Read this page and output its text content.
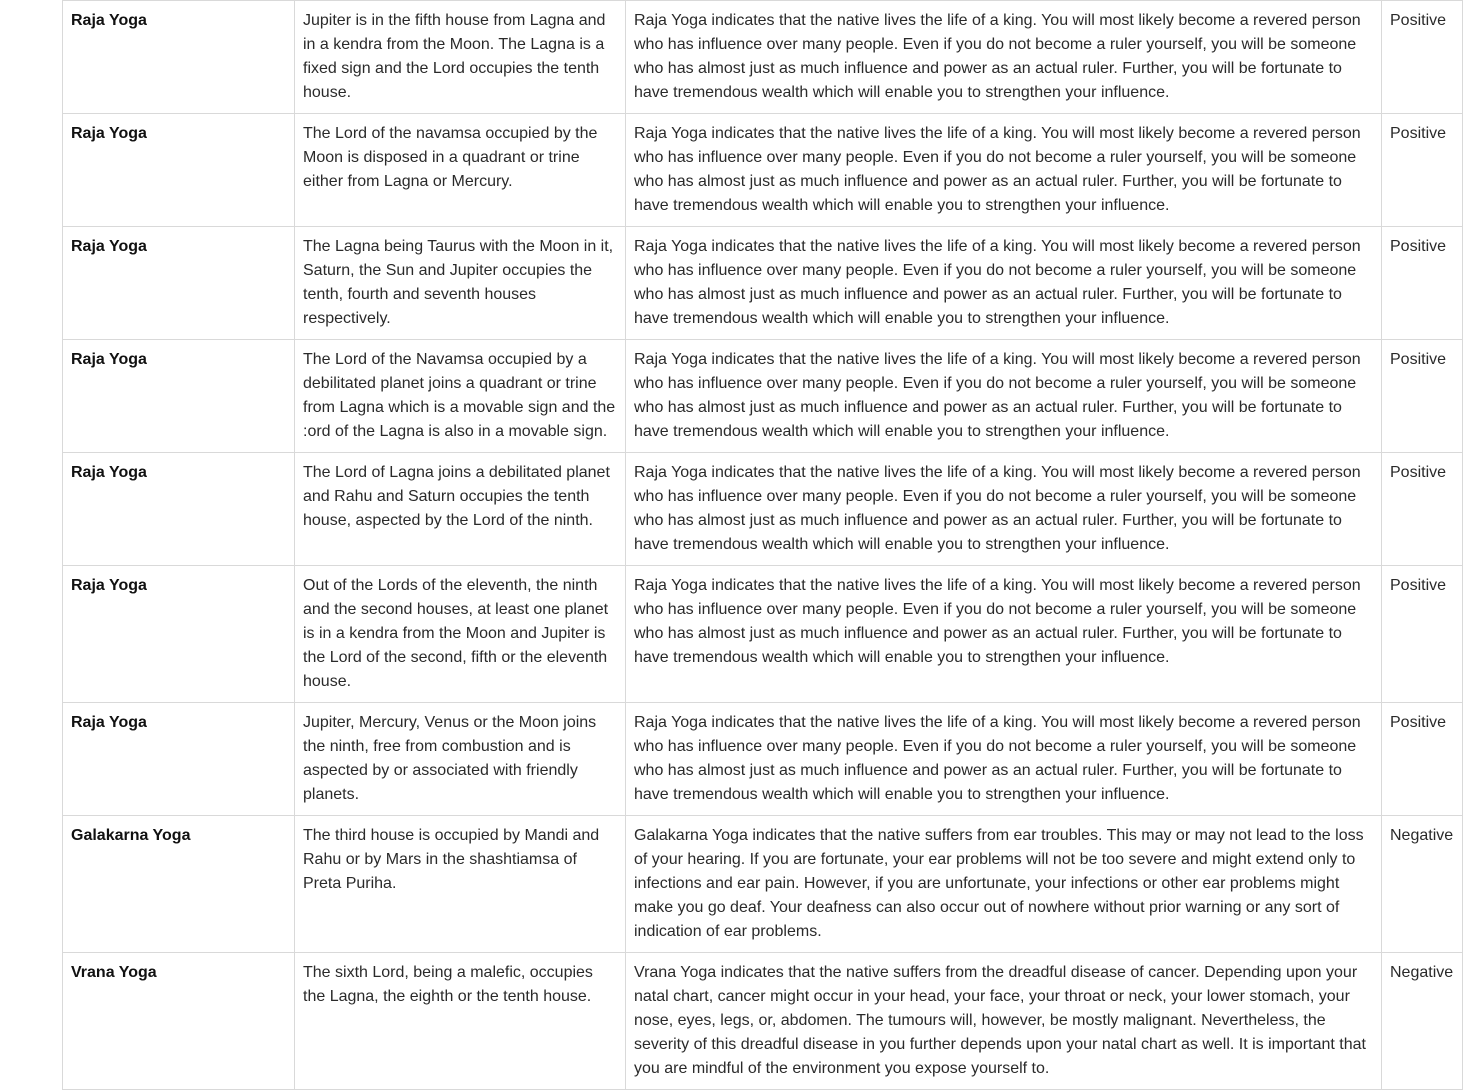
Raja Yoga	Jupiter is in the fifth house from Lagna and in a kendra from the Moon. The Lagna is a fixed sign and the Lord occupies the tenth house.	Raja Yoga indicates that the native lives the life of a king. You will most likely become a revered person who has influence over many people. Even if you do not become a ruler yourself, you will be someone who has almost just as much influence and power as an actual ruler. Further, you will be fortunate to have tremendous wealth which will enable you to strengthen your influence.	Positive
Raja Yoga	The Lord of the navamsa occupied by the Moon is disposed in a quadrant or trine either from Lagna or Mercury.	Raja Yoga indicates that the native lives the life of a king. You will most likely become a revered person who has influence over many people. Even if you do not become a ruler yourself, you will be someone who has almost just as much influence and power as an actual ruler. Further, you will be fortunate to have tremendous wealth which will enable you to strengthen your influence.	Positive
Raja Yoga	The Lagna being Taurus with the Moon in it, Saturn, the Sun and Jupiter occupies the tenth, fourth and seventh houses respectively.	Raja Yoga indicates that the native lives the life of a king. You will most likely become a revered person who has influence over many people. Even if you do not become a ruler yourself, you will be someone who has almost just as much influence and power as an actual ruler. Further, you will be fortunate to have tremendous wealth which will enable you to strengthen your influence.	Positive
Raja Yoga	The Lord of the Navamsa occupied by a debilitated planet joins a quadrant or trine from Lagna which is a movable sign and the :ord of the Lagna is also in a movable sign.	Raja Yoga indicates that the native lives the life of a king. You will most likely become a revered person who has influence over many people. Even if you do not become a ruler yourself, you will be someone who has almost just as much influence and power as an actual ruler. Further, you will be fortunate to have tremendous wealth which will enable you to strengthen your influence.	Positive
Raja Yoga	The Lord of Lagna joins a debilitated planet and Rahu and Saturn occupies the tenth house, aspected by the Lord of the ninth.	Raja Yoga indicates that the native lives the life of a king. You will most likely become a revered person who has influence over many people. Even if you do not become a ruler yourself, you will be someone who has almost just as much influence and power as an actual ruler. Further, you will be fortunate to have tremendous wealth which will enable you to strengthen your influence.	Positive
Raja Yoga	Out of the Lords of the eleventh, the ninth and the second houses, at least one planet is in a kendra from the Moon and Jupiter is the Lord of the second, fifth or the eleventh house.	Raja Yoga indicates that the native lives the life of a king. You will most likely become a revered person who has influence over many people. Even if you do not become a ruler yourself, you will be someone who has almost just as much influence and power as an actual ruler. Further, you will be fortunate to have tremendous wealth which will enable you to strengthen your influence.	Positive
Raja Yoga	Jupiter, Mercury, Venus or the Moon joins the ninth, free from combustion and is aspected by or associated with friendly planets.	Raja Yoga indicates that the native lives the life of a king. You will most likely become a revered person who has influence over many people. Even if you do not become a ruler yourself, you will be someone who has almost just as much influence and power as an actual ruler. Further, you will be fortunate to have tremendous wealth which will enable you to strengthen your influence.	Positive
Galakarna Yoga	The third house is occupied by Mandi and Rahu or by Mars in the shashtiamsa of Preta Puriha.	Galakarna Yoga indicates that the native suffers from ear troubles. This may or may not lead to the loss of your hearing. If you are fortunate, your ear problems will not be too severe and might extend only to infections and ear pain. However, if you are unfortunate, your infections or other ear problems might make you go deaf. Your deafness can also occur out of nowhere without prior warning or any sort of indication of ear problems.	Negative
Vrana Yoga	The sixth Lord, being a malefic, occupies the Lagna, the eighth or the tenth house.	Vrana Yoga indicates that the native suffers from the dreadful disease of cancer. Depending upon your natal chart, cancer might occur in your head, your face, your throat or neck, your lower stomach, your nose, eyes, legs, or, abdomen. The tumours will, however, be mostly malignant. Nevertheless, the severity of this dreadful disease in you further depends upon your natal chart as well. It is important that you are mindful of the environment you expose yourself to.	Negative
